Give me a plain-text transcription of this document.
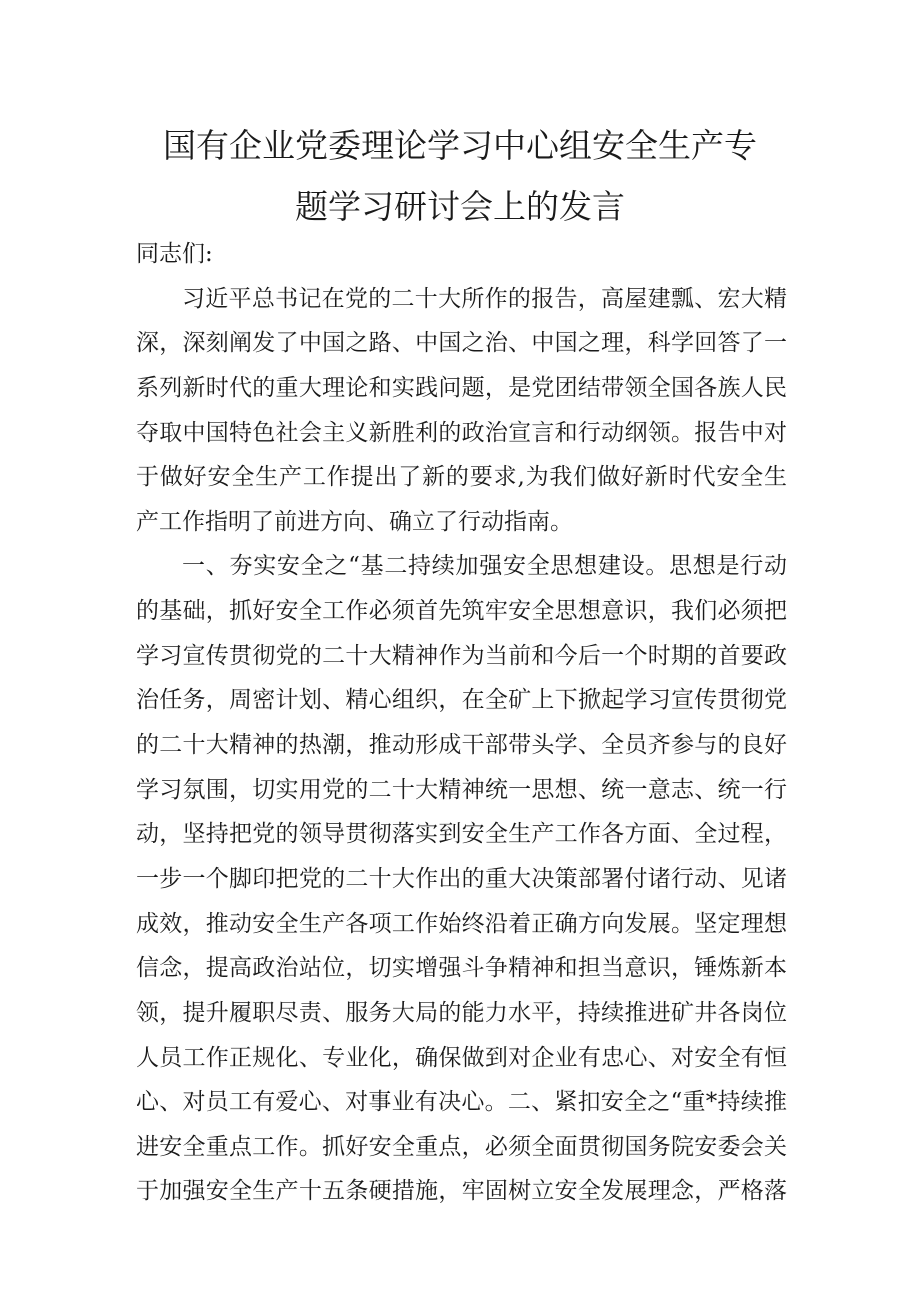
国有企业党委理论学习中心组安全生产专
题学习研讨会上的发言
同志们:
习近平总书记在党的二十大所作的报告，高屋建瓢、宏大精
深，深刻阐发了中国之路、中国之治、中国之理，科学回答了一
系列新时代的重大理论和实践问题，是党团结带领全国各族人民
夺取中国特色社会主义新胜利的政治宣言和行动纲领。报告中对
于做好安全生产工作提出了新的要求,为我们做好新时代安全生
产工作指明了前进方向、确立了行动指南。
一、夯实安全之“基二持续加强安全思想建设。思想是行动
的基础，抓好安全工作必须首先筑牢安全思想意识，我们必须把
学习宣传贯彻党的二十大精神作为当前和今后一个时期的首要政
治任务，周密计划、精心组织，在全矿上下掀起学习宣传贯彻党
的二十大精神的热潮，推动形成干部带头学、全员齐参与的良好
学习氛围，切实用党的二十大精神统一思想、统一意志、统一行
动，坚持把党的领导贯彻落实到安全生产工作各方面、全过程，
一步一个脚印把党的二十大作出的重大决策部署付诸行动、见诸
成效，推动安全生产各项工作始终沿着正确方向发展。坚定理想
信念，提高政治站位，切实增强斗争精神和担当意识，锤炼新本
领，提升履职尽责、服务大局的能力水平，持续推进矿井各岗位
人员工作正规化、专业化，确保做到对企业有忠心、对安全有恒
心、对员工有爱心、对事业有决心。二、紧扣安全之“重*持续推
进安全重点工作。抓好安全重点，必须全面贯彻国务院安委会关
于加强安全生产十五条硬措施，牢固树立安全发展理念，严格落
